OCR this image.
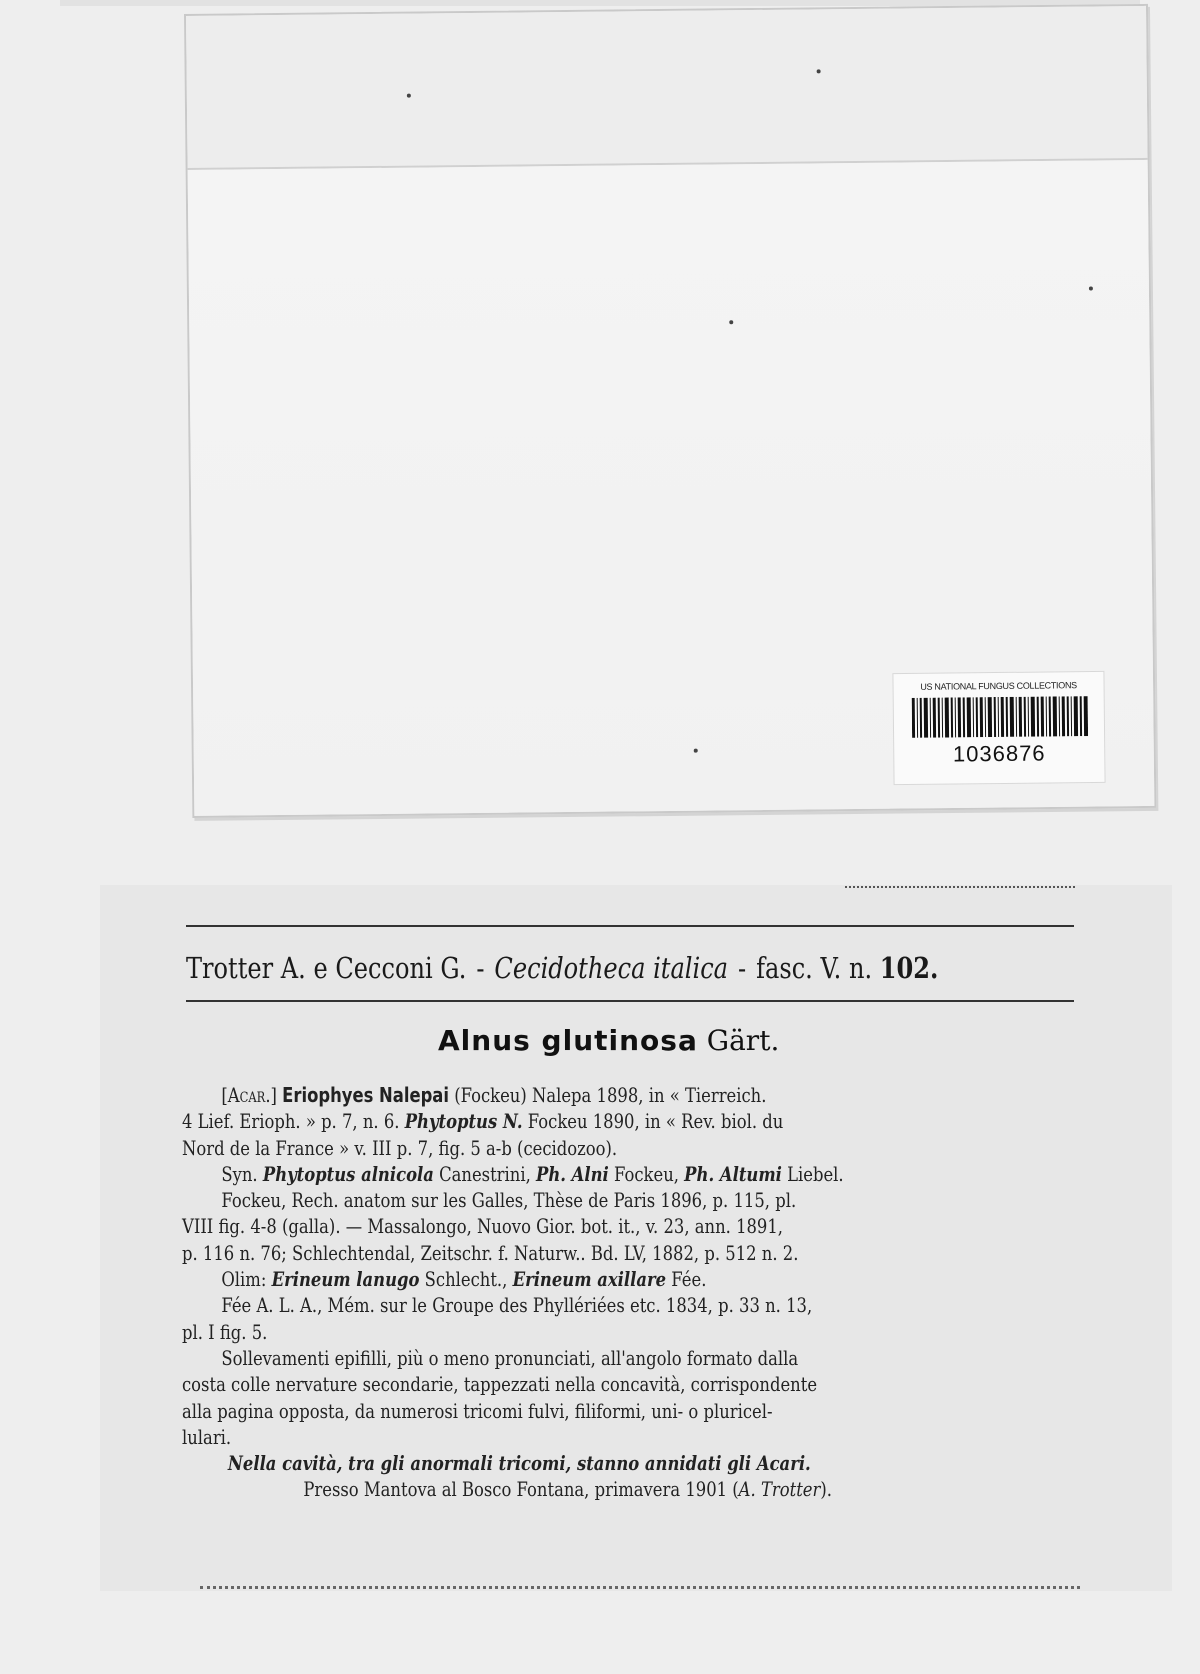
US NATIONAL FUNGUS COLLECTIONS
1036876
Trotter A. e Cecconi G. - Cecidotheca italica - fasc. V. n.
102.
Alnus glutinosa Gärt.
[Acar.] Eriophyes Nalepai (Fockeu) Nalepa 1898, in « Tierreich.
4 Lief. Erioph. » p. 7, n. 6. Phytoptus N. Fockeu 1890, in « Rev. biol. du
Nord de la France » v. III p. 7, fig. 5 a-b (cecidozoo).
Syn. Phytoptus alnicola Canestrini, Ph. Alni Fockeu, Ph. Altumi Liebel.
Fockeu, Rech. anatom sur les Galles, Thèse de Paris 1896, p. 115, pl.
VIII fig. 4-8 (galla). — Massalongo, Nuovo Gior. bot. it., v. 23, ann. 1891,
p. 116 n. 76; Schlechtendal, Zeitschr. f. Naturw.. Bd. LV, 1882, p. 512 n. 2.
Olim: Erineum lanugo Schlecht., Erineum axillare Fée.
Fée A. L. A., Mém. sur le Groupe des Phyllériées etc. 1834, p. 33 n. 13,
pl. I fig. 5.
Sollevamenti epifilli, più o meno pronunciati, all'angolo formato dalla
costa colle nervature secondarie, tappezzati nella concavità, corrispondente
alla pagina opposta, da numerosi tricomi fulvi, filiformi, uni- o pluricel-
lulari.
Nella cavità, tra gli anormali tricomi, stanno annidati gli Acari.
Presso Mantova al Bosco Fontana, primavera 1901 (A. Trotter).
